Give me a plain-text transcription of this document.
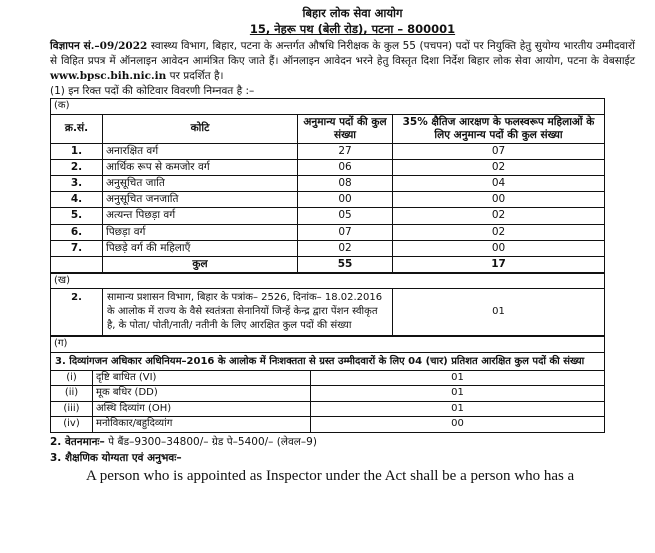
बिहार लोक सेवा आयोग
15, नेहरू पथ (बेली रोड), पटना – 800001

विज्ञापन सं.–09/2022 स्वास्थ्य विभाग, बिहार, पटना के अन्तर्गत औषधि निरीक्षक के कुल 55 (पचपन) पदों पर नियुक्ति हेतु सुयोग्य भारतीय उम्मीदवारों से विहित प्रपत्र में ऑनलाइन आवेदन आमंत्रित किए जाते हैं। ऑनलाइन आवेदन भरने हेतु विस्तृत दिशा निर्देश बिहार लोक सेवा आयोग, पटना के वेबसाईट www.bpsc.bih.nic.in पर प्रदर्शित है।

(1) इन रिक्त पदों की कोटिवार विवरणी निम्नवत है :–
(क)			
क्र.सं.	कोटि	अनुमान्य पदों की कुल संख्या	35% क्षैतिज आरक्षण के फलस्वरूप महिलाओं के लिए अनुमान्य पदों की कुल संख्या
1.	अनारक्षित वर्ग	27	07
2.	आर्थिक रूप से कमजोर वर्ग	06	02
3.	अनुसूचित जाति	08	04
4.	अनुसूचित जनजाति	00	00
5.	अत्यन्त पिछड़ा वर्ग	05	02
6.	पिछड़ा वर्ग	07	02
7.	पिछड़े वर्ग की महिलाएँ	02	00
	कुल	55	17
(ख)
2.	सामान्य प्रशासन विभाग, बिहार के पत्रांक– 2526, दिनांक– 18.02.2016 के आलोक में राज्य के वैसे स्वतंत्रता सेनानियों जिन्हें केन्द्र द्वारा पेंशन स्वीकृत है, के पोता/ पोती/नाती/ नतीनी के लिए आरक्षित कुल पदों की संख्या	01
(ग)		
3. दिव्यांगजन अधिकार अधिनियम–2016 के आलोक में निःशक्तता से ग्रस्त उम्मीदवारों के लिए 04 (चार) प्रतिशत आरक्षित कुल पदों की संख्या		
(i)	दृष्टि बाधित (VI)	01
(ii)	मूक बधिर (DD)	01
(iii)	अस्थि दिव्यांग (OH)	01
(iv)	मनोविकार/बहुदिव्यांग	00
2. वेतनमानः– पे बैंड–9300–34800/– ग्रेड पे–5400/– (लेवल–9)
3. शैक्षणिक योग्यता एवं अनुभवः–
A person who is appointed as Inspector under the Act shall be a person who has a
